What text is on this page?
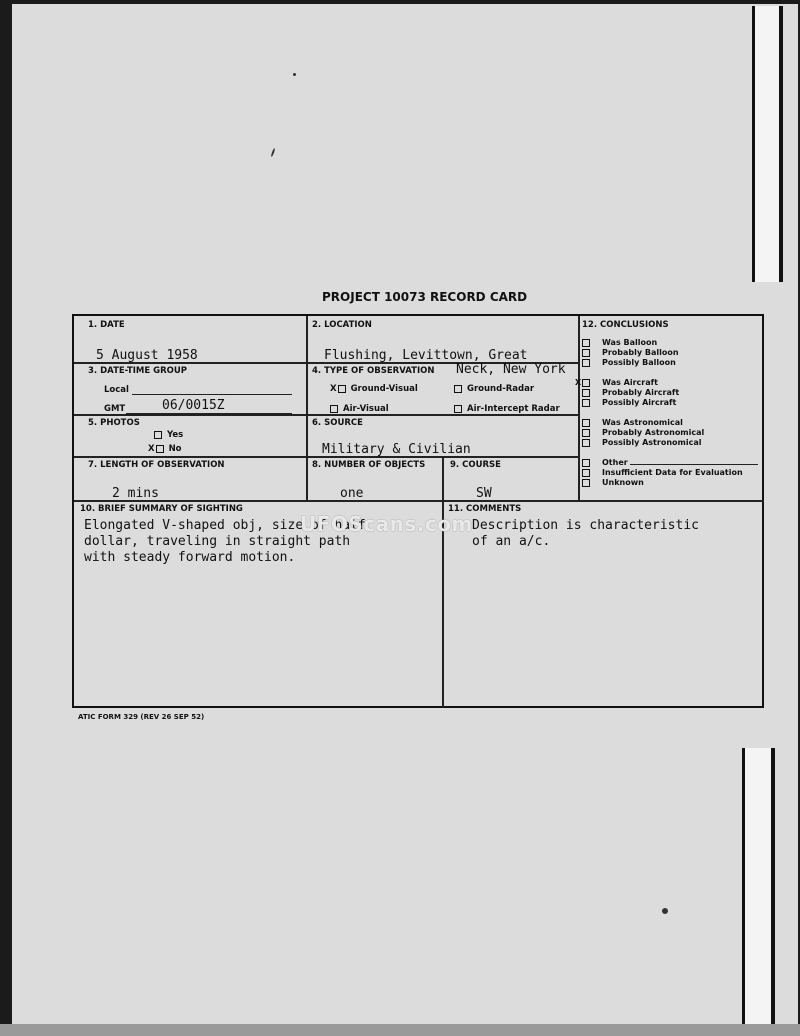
PROJECT 10073 RECORD CARD
1. DATE
5 August 1958
2. LOCATION
Flushing, Levittown, Great
Neck, New York
3. DATE-TIME GROUP
Local
GMT	06/0015Z
4. TYPE OF OBSERVATION
X Ground-Visual	Ground-Radar
Air-Visual	Air-Intercept Radar
5. PHOTOS
Yes
X No
6. SOURCE
Military & Civilian
7. LENGTH OF OBSERVATION
2 mins
8. NUMBER OF OBJECTS
one
9. COURSE
SW
12. CONCLUSIONS
Was Balloon
Probably Balloon
Possibly Balloon
X	Was Aircraft
Probably Aircraft
Possibly Aircraft
Was Astronomical
Probably Astronomical
Possibly Astronomical
Other
Insufficient Data for Evaluation
Unknown
10. BRIEF SUMMARY OF SIGHTING
Elongated V-shaped obj, size of half
dollar, traveling in straight path
with steady forward motion.
11. COMMENTS
Description is characteristic
of an a/c.
UFOScans.com
ATIC FORM 329 (REV 26 SEP 52)
